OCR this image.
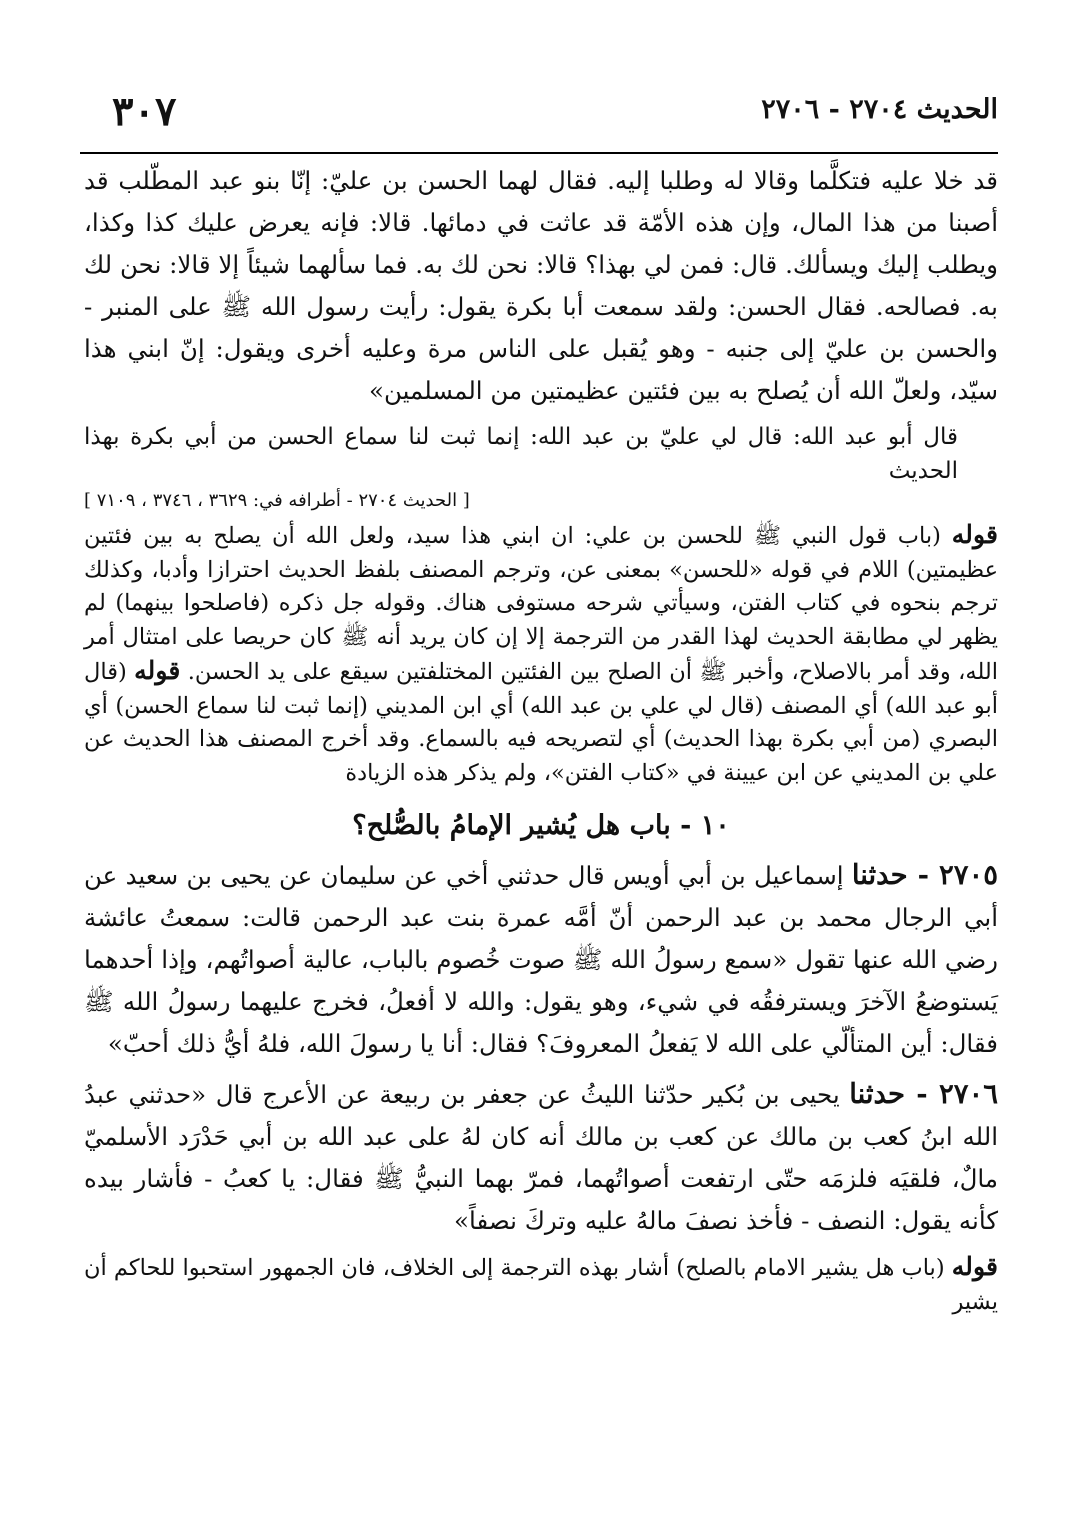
الحديث ٢٧٠٤ - ٢٧٠٦
٣٠٧

قد خلا عليه فتكلَّما وقالا له وطلبا إليه. فقال لهما الحسن بن عليّ: إنّا بنو عبد المطّلب قد أصبنا من هذا المال، وإن هذه الأمّة قد عاثت في دمائها. قالا: فإنه يعرض عليك كذا وكذا، ويطلب إليك ويسألك. قال: فمن لي بهذا؟ قالا: نحن لك به. فما سألهما شيئاً إلا قالا: نحن لك به. فصالحه. فقال الحسن: ولقد سمعت أبا بكرة يقول: رأيت رسول الله ﷺ على المنبر - والحسن بن عليّ إلى جنبه - وهو يُقبل على الناس مرة وعليه أخرى ويقول: إنّ ابني هذا سيّد، ولعلّ الله أن يُصلح به بين فئتين عظيمتين من المسلمين»

قال أبو عبد الله: قال لي عليّ بن عبد الله: إنما ثبت لنا سماع الحسن من أبي بكرة بهذا الحديث

[ الحديث ٢٧٠٤ - أطرافه في: ٣٦٢٩ ، ٣٧٤٦ ، ٧١٠٩ ]

قوله (باب قول النبي ﷺ للحسن بن علي: ان ابني هذا سيد، ولعل الله أن يصلح به بين فئتين عظيمتين) اللام في قوله «للحسن» بمعنى عن، وترجم المصنف بلفظ الحديث احترازا وأدبا، وكذلك ترجم بنحوه في كتاب الفتن، وسيأتي شرحه مستوفى هناك. وقوله جل ذكره (فاصلحوا بينهما) لم يظهر لي مطابقة الحديث لهذا القدر من الترجمة إلا إن كان يريد أنه ﷺ كان حريصا على امتثال أمر الله، وقد أمر بالاصلاح، وأخبر ﷺ أن الصلح بين الفئتين المختلفتين سيقع على يد الحسن. قوله (قال أبو عبد الله) أي المصنف (قال لي علي بن عبد الله) أي ابن المديني (إنما ثبت لنا سماع الحسن) أي البصري (من أبي بكرة بهذا الحديث) أي لتصريحه فيه بالسماع. وقد أخرج المصنف هذا الحديث عن علي بن المديني عن ابن عيينة في «كتاب الفتن»، ولم يذكر هذه الزيادة

١٠ - باب هل يُشير الإمامُ بالصُّلح؟

٢٧٠٥ - حدثنا إسماعيل بن أبي أويس قال حدثني أخي عن سليمان عن يحيى بن سعيد عن أبي الرجال محمد بن عبد الرحمن أنّ أمَّه عمرة بنت عبد الرحمن قالت: سمعتُ عائشة رضي الله عنها تقول «سمع رسولُ الله ﷺ صوت خُصوم بالباب، عالية أصواتُهم، وإذا أحدهما يَستوضعُ الآخرَ ويسترفقُه في شيء، وهو يقول: والله لا أفعلُ، فخرج عليهما رسولُ الله ﷺ فقال: أين المتألّي على الله لا يَفعلُ المعروفَ؟ فقال: أنا يا رسولَ الله، فلهُ أيُّ ذلك أحبّ»

٢٧٠٦ - حدثنا يحيى بن بُكير حدّثنا الليثُ عن جعفر بن ربيعة عن الأعرج قال «حدثني عبدُ الله ابنُ كعب بن مالك عن كعب بن مالك أنه كان لهُ على عبد الله بن أبي حَدْرَد الأسلميّ مالٌ، فلقيَه فلزمَه حتّى ارتفعت أصواتُهما، فمرّ بهما النبيُّ ﷺ فقال: يا كعبُ - فأشار بيده كأنه يقول: النصف - فأخذ نصفَ مالهُ عليه وتركَ نصفاً»

قوله (باب هل يشير الامام بالصلح) أشار بهذه الترجمة إلى الخلاف، فان الجمهور استحبوا للحاكم أن يشير
